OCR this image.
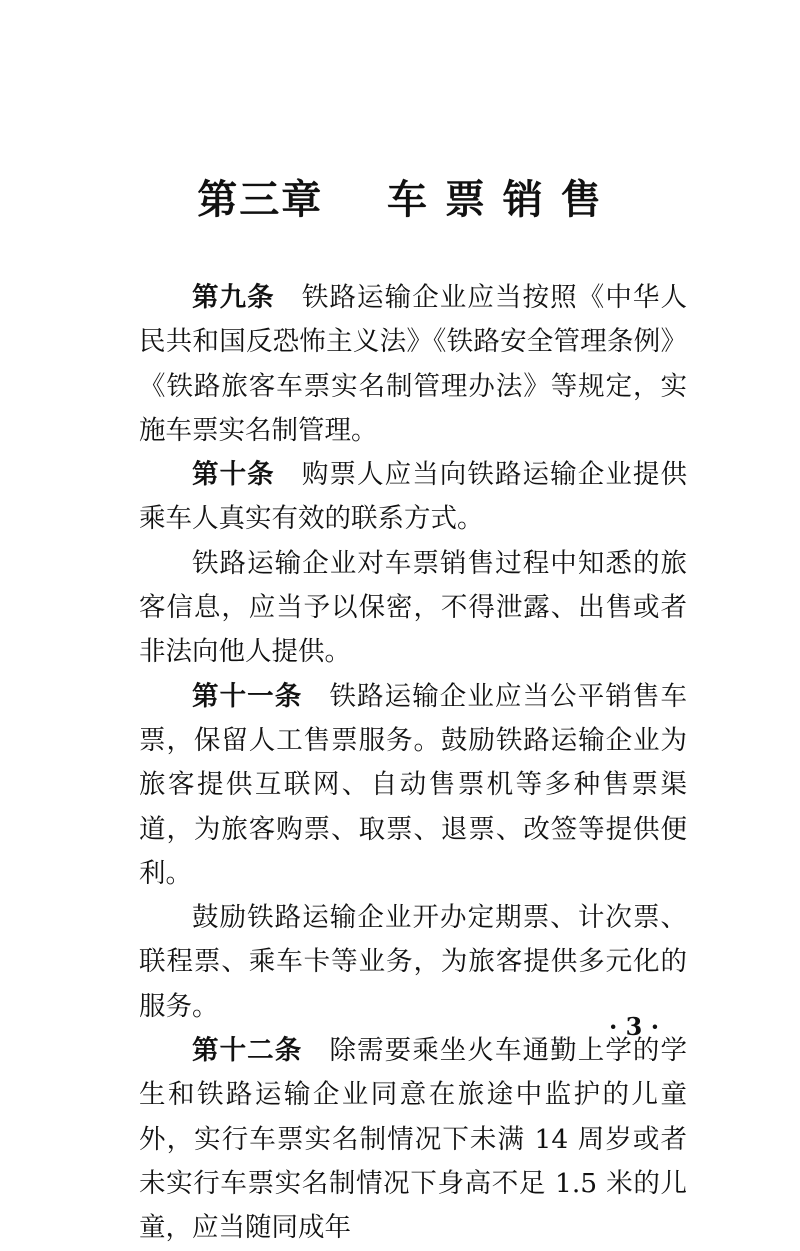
第三章    车 票 销 售

第九条 铁路运输企业应当按照《中华人民共和国反恐怖主义法》《铁路安全管理条例》《铁路旅客车票实名制管理办法》等规定，实施车票实名制管理。

第十条 购票人应当向铁路运输企业提供乘车人真实有效的联系方式。

铁路运输企业对车票销售过程中知悉的旅客信息，应当予以保密，不得泄露、出售或者非法向他人提供。

第十一条 铁路运输企业应当公平销售车票，保留人工售票服务。鼓励铁路运输企业为旅客提供互联网、自动售票机等多种售票渠道，为旅客购票、取票、退票、改签等提供便利。

鼓励铁路运输企业开办定期票、计次票、联程票、乘车卡等业务，为旅客提供多元化的服务。

第十二条 除需要乘坐火车通勤上学的学生和铁路运输企业同意在旅途中监护的儿童外，实行车票实名制情况下未满 14 周岁或者未实行车票实名制情况下身高不足 1.5 米的儿童，应当随同成年

· 3 ·
